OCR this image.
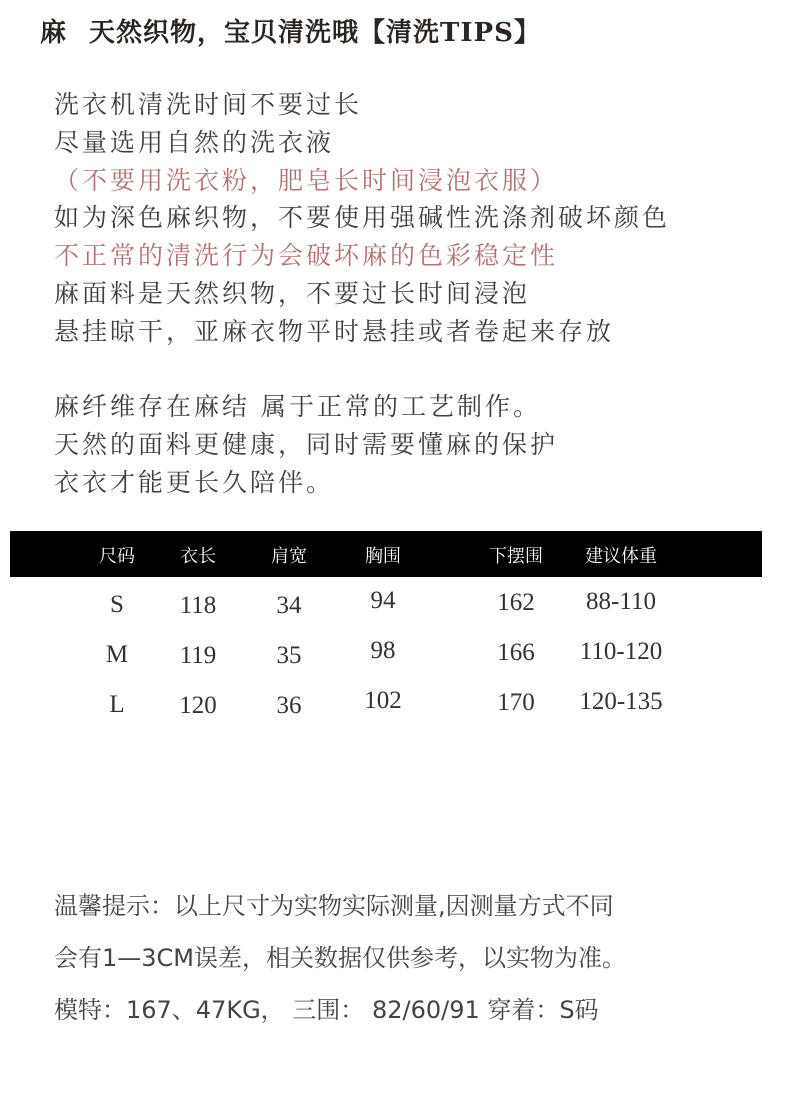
麻 天然织物，宝贝清洗哦【清洗TIPS】
洗衣机清洗时间不要过长
尽量选用自然的洗衣液
（不要用洗衣粉，肥皂长时间浸泡衣服）
如为深色麻织物，不要使用强碱性洗涤剂破坏颜色
不正常的清洗行为会破坏麻的色彩稳定性
麻面料是天然织物，不要过长时间浸泡
悬挂晾干，亚麻衣物平时悬挂或者卷起来存放
麻纤维存在麻结 属于正常的工艺制作。
天然的面料更健康，同时需要懂麻的保护
衣衣才能更长久陪伴。
尺码	衣长	肩宽	胸围	下摆围 建议体重
S 118 34	94	162 88-110
M 119 35	98	166 110-120
L 120 36	102	170 120-135
温馨提示：以上尺寸为实物实际测量,因测量方式不同
会有1—3CM误差，相关数据仅供参考，以实物为准。
模特：167、47KG， 三围： 82/60/91 穿着：S码
